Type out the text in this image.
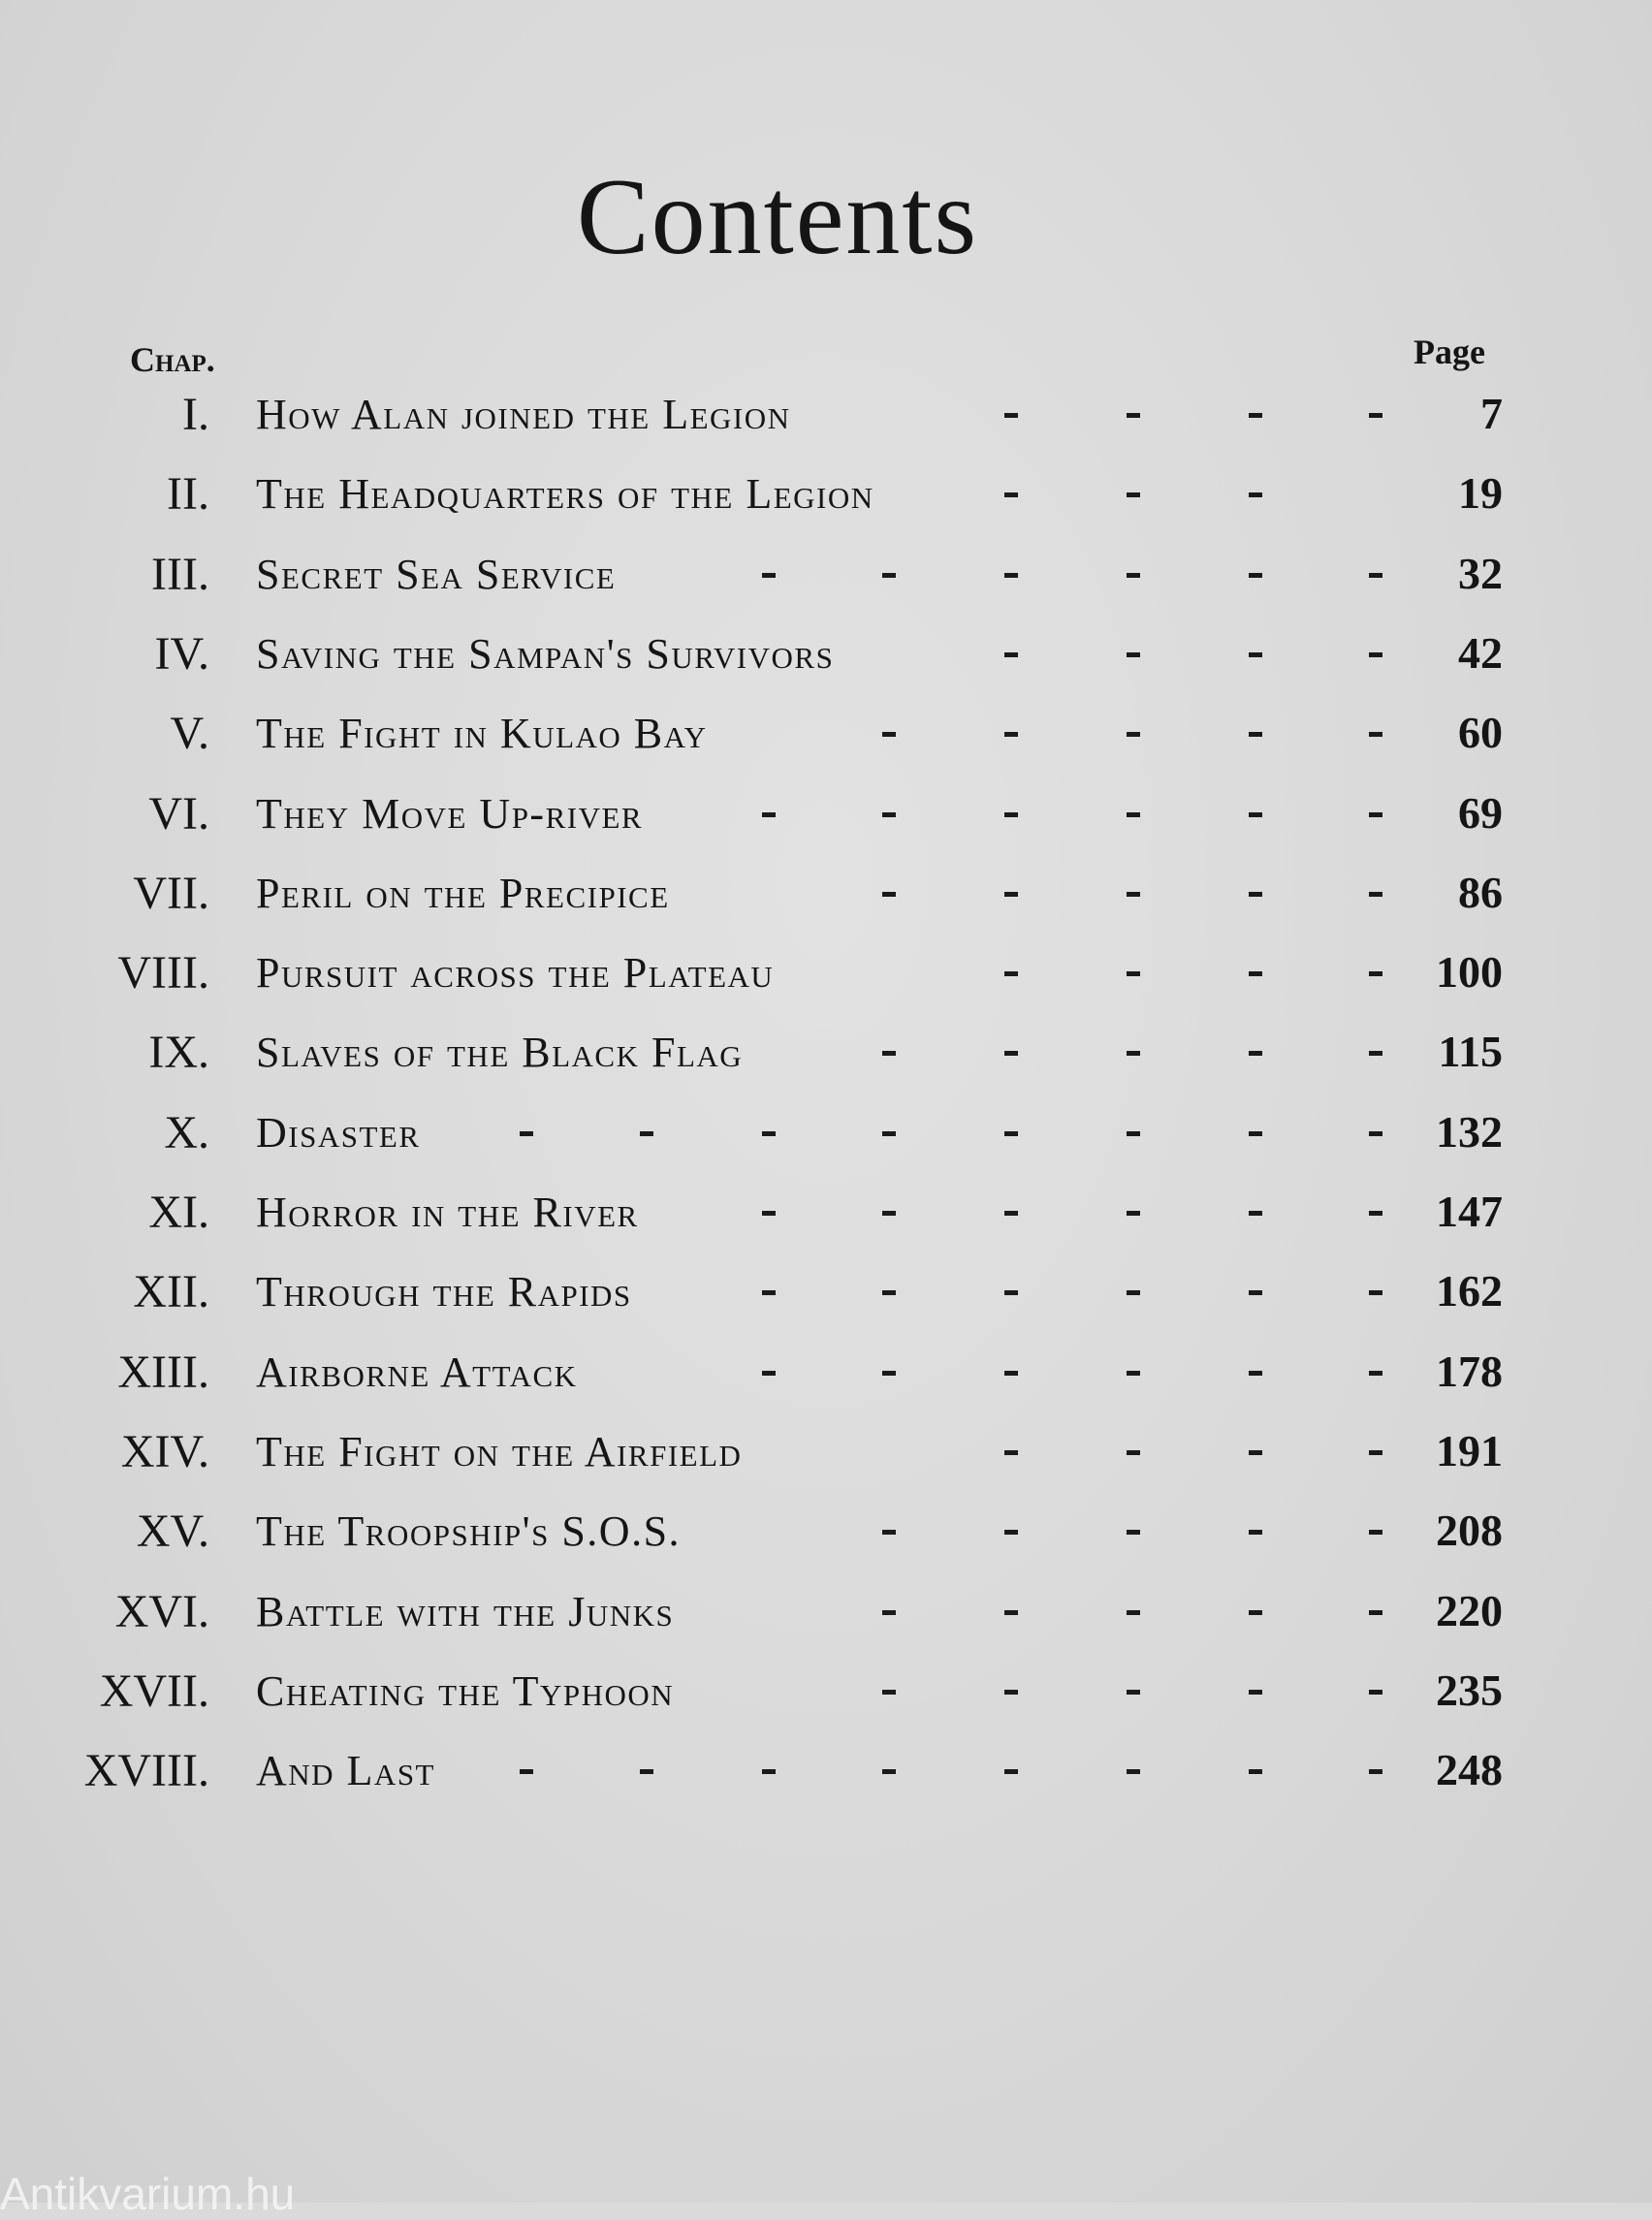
Contents
Chap.	Page
I. How Alan joined the Legion	7
II. The Headquarters of the Legion	19
III. Secret Sea Service	32
IV. Saving the Sampan's Survivors	42
V. The Fight in Kulao Bay	60
VI. They Move Up-river	69
VII. Peril on the Precipice	86
VIII. Pursuit across the Plateau	100
IX. Slaves of the Black Flag	115
X. Disaster	132
XI. Horror in the River	147
XII. Through the Rapids	162
XIII. Airborne Attack	178
XIV. The Fight on the Airfield	191
XV. The Troopship's S.O.S.	208
XVI. Battle with the Junks	220
XVII. Cheating the Typhoon	235
XVIII. And Last	248
Antikvarium.hu
